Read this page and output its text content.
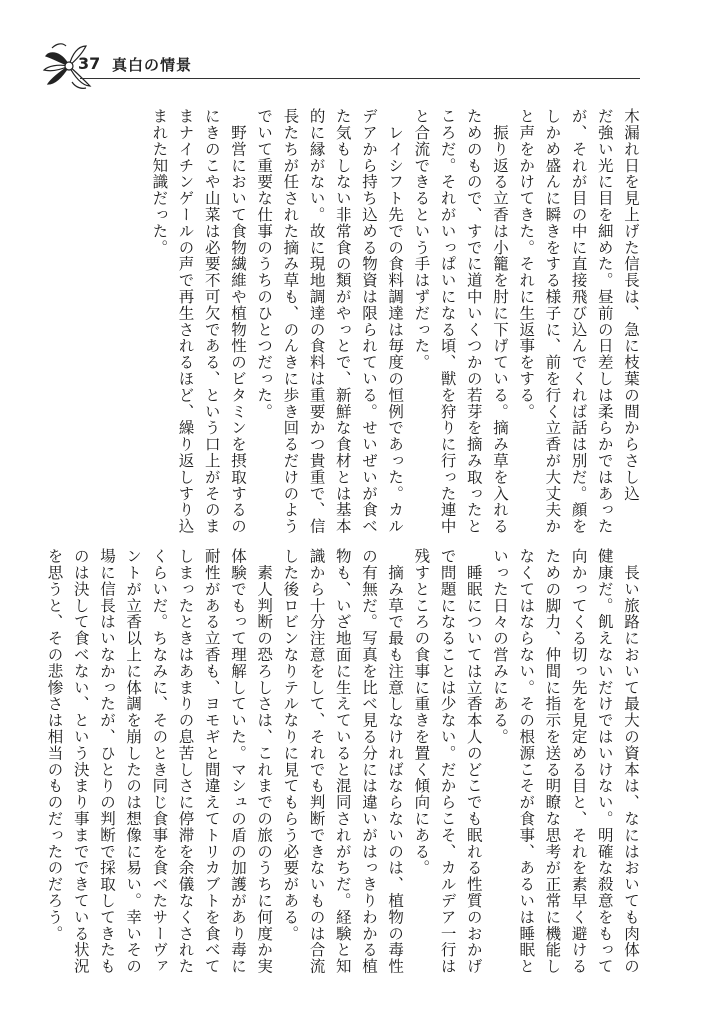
37 真白の情景

木漏れ日を見上げた信長は、急に枝葉の間からさし込

だ強い光に目を細めた。昼前の日差しは柔らかではあった

が、それが目の中に直接飛び込んでくれば話は別だ。顔を

しかめ盛んに瞬きをする様子に、前を行く立香が大丈夫か

と声をかけてきた。それに生返事をする。

　振り返る立香は小籠を肘に下げている。摘み草を入れる

ためのもので、すでに道中いくつかの若芽を摘み取ったと

ころだ。それがいっぱいになる頃、獣を狩りに行った連中

と合流できるという手はずだった。

　レイシフト先での食料調達は毎度の恒例であった。カル

デアから持ち込める物資は限られている。せいぜいが食べ

た気もしない非常食の類がやっとで、新鮮な食材とは基本

的に縁がない。故に現地調達の食料は重要かつ貴重で、信

長たちが任された摘み草も、のんきに歩き回るだけのよう

でいて重要な仕事のうちのひとつだった。

　野営において食物繊維や植物性のビタミンを摂取するの

にきのこや山菜は必要不可欠である、という口上がそのま

まナイチンゲールの声で再生されるほど、繰り返しすり込

まれた知識だった。

　長い旅路において最大の資本は、なにはおいても肉体の

健康だ。飢えないだけではいけない。明確な殺意をもって

向かってくる切っ先を見定める目と、それを素早く避ける

ための脚力、仲間に指示を送る明瞭な思考が正常に機能し

なくてはならない。その根源こそが食事、あるいは睡眠と

いった日々の営みにある。

　睡眠については立香本人のどこでも眠れる性質のおかげ

で問題になることは少ない。だからこそ、カルデア一行は

残すところの食事に重きを置く傾向にある。

　摘み草で最も注意しなければならないのは、植物の毒性

の有無だ。写真を比べ見る分には違いがはっきりわかる植

物も、いざ地面に生えていると混同されがちだ。経験と知

識から十分注意をして、それでも判断できないものは合流

した後ロビンなりテルなりに見てもらう必要がある。

　素人判断の恐ろしさは、これまでの旅のうちに何度か実

体験でもって理解していた。マシュの盾の加護があり毒に

耐性がある立香も、ヨモギと間違えてトリカブトを食べて

しまったときはあまりの息苦しさに停滞を余儀なくされた

くらいだ。ちなみに、そのとき同じ食事を食べたサーヴァ

ントが立香以上に体調を崩したのは想像に易い。幸いその

場に信長はいなかったが、ひとりの判断で採取してきたも

のは決して食べない、という決まり事までできている状況

を思うと、その悲惨さは相当のものだったのだろう。
